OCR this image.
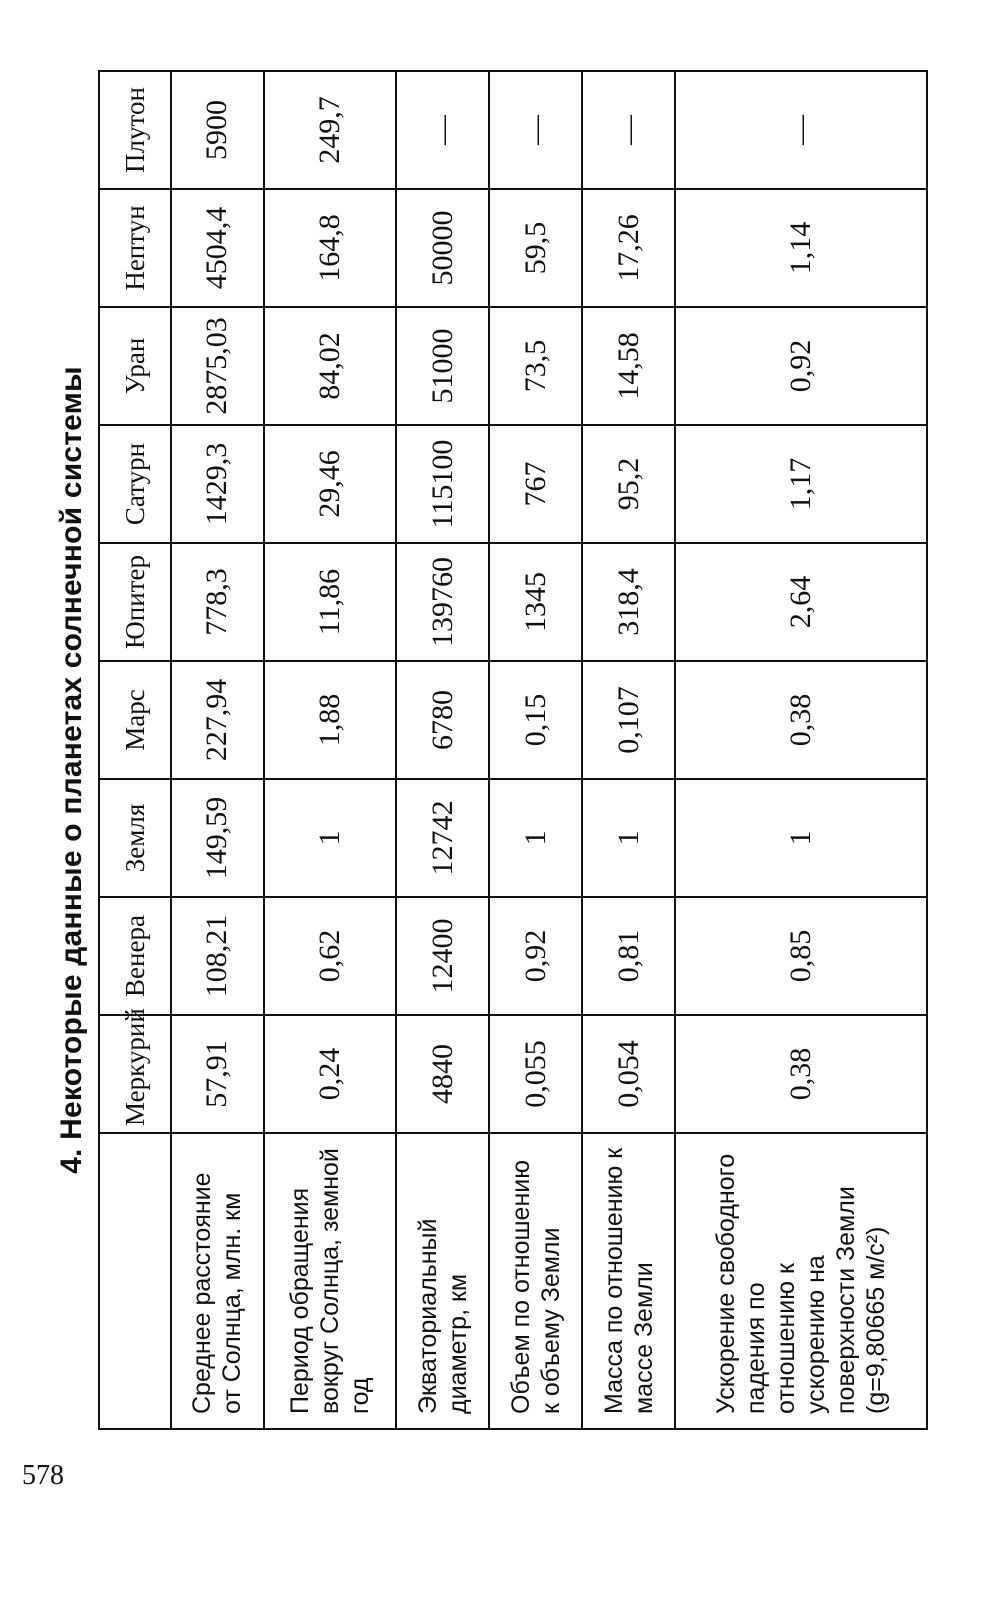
4. Некоторые данные о планетах солнечной системы
	Меркурий	Венера	Земля	Марс	Юпитер	Сатурн	Уран	Нептун	Плутон
Среднее расстояние от Солнца, млн. км	57,91	108,21	149,59	227,94	778,3	1429,3	2875,03	4504,4	5900
Период обращения вокруг Солнца, земной год	0,24	0,62	1	1,88	11,86	29,46	84,02	164,8	249,7
Экваториальный диаметр, км	4840	12400	12742	6780	139760	115100	51000	50000	—
Объем по отношению к объему Земли	0,055	0,92	1	0,15	1345	767	73,5	59,5	—
Масса по отношению к массе Земли	0,054	0,81	1	0,107	318,4	95,2	14,58	17,26	—
Ускорение свободного падения по отношению к ускорению на поверхности Земли (g=9,80665 м/с²)	0,38	0,85	1	0,38	2,64	1,17	0,92	1,14	—
578
